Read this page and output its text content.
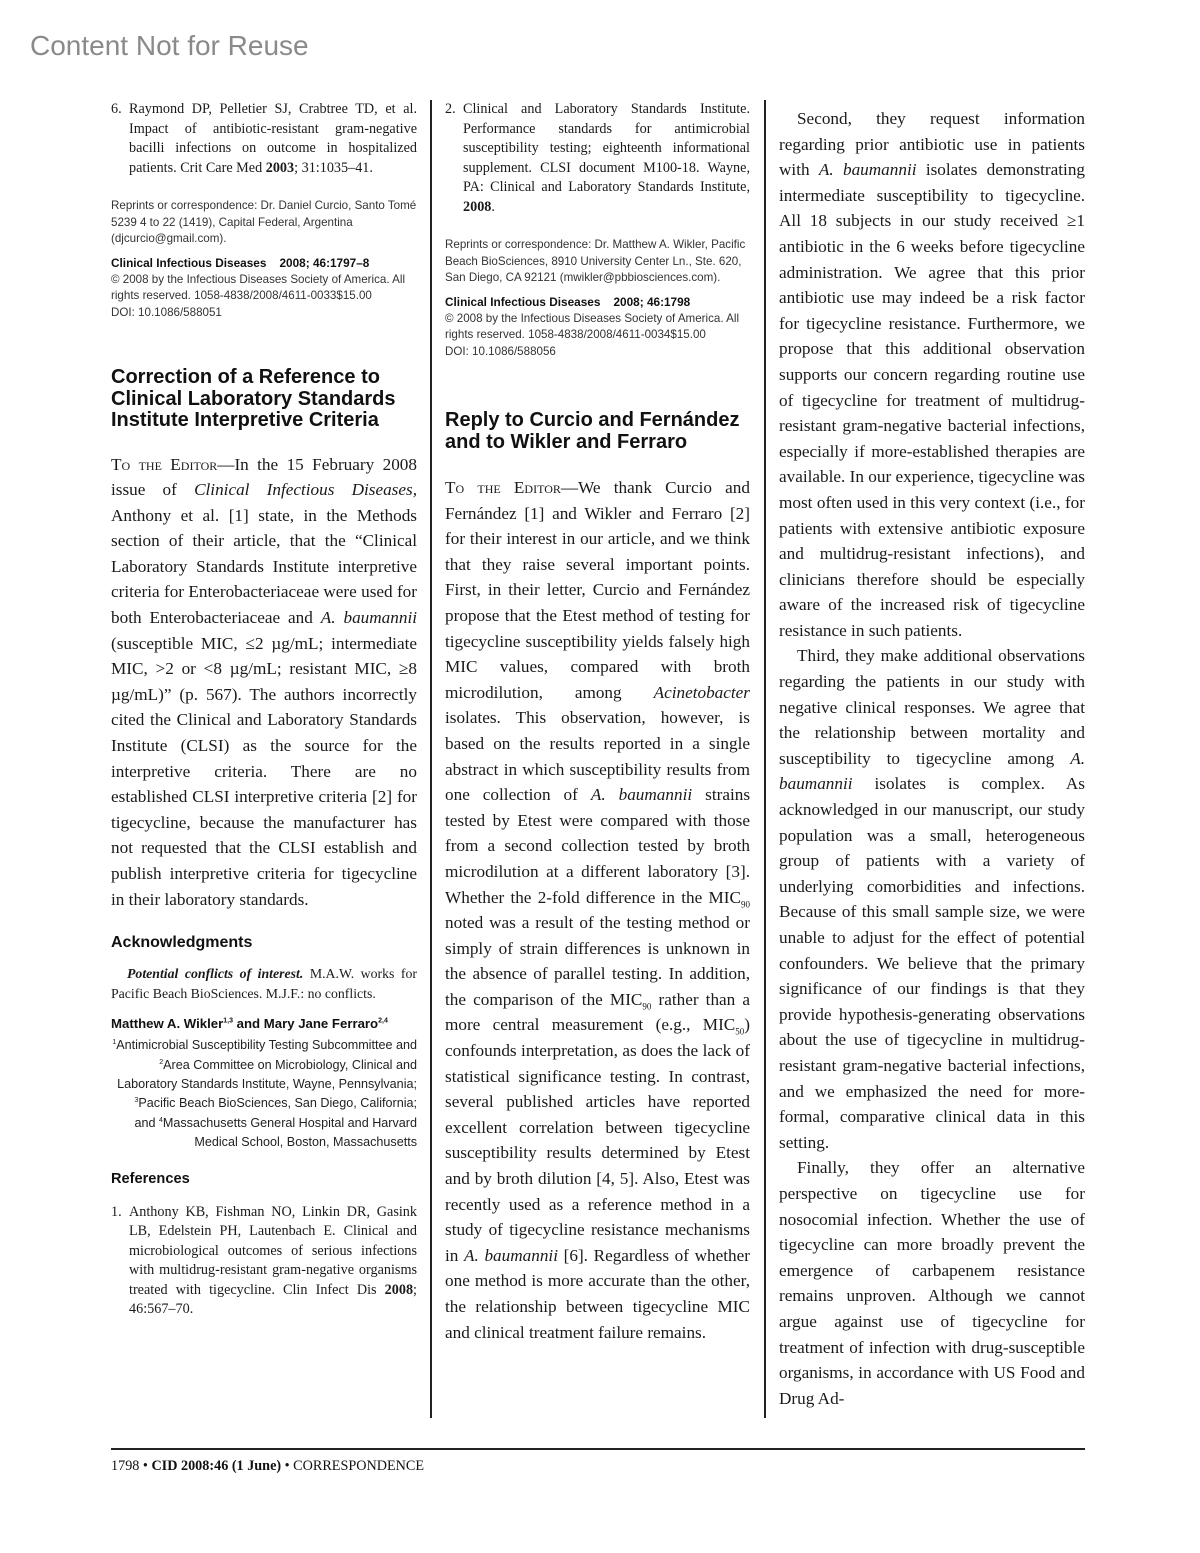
Content Not for Reuse

6. Raymond DP, Pelletier SJ, Crabtree TD, et al. Impact of antibiotic-resistant gram-negative bacilli infections on outcome in hospitalized patients. Crit Care Med 2003; 31:1035–41.

Reprints or correspondence: Dr. Daniel Curcio, Santo Tomé 5239 4 to 22 (1419), Capital Federal, Argentina (djcurcio@gmail.com).

Clinical Infectious Diseases    2008; 46:1797–8

© 2008 by the Infectious Diseases Society of America. All rights reserved. 1058-4838/2008/4611-0033$15.00

DOI: 10.1086/588051

Correction of a Reference to Clinical Laboratory Standards Institute Interpretive Criteria

To the Editor—In the 15 February 2008 issue of Clinical Infectious Diseases, Anthony et al. [1] state, in the Methods section of their article, that the “Clinical Laboratory Standards Institute interpretive criteria for Enterobacteriaceae were used for both Enterobacteriaceae and A. baumannii (susceptible MIC, ≤2 µg/mL; intermediate MIC, >2 or <8 µg/mL; resistant MIC, ≥8 µg/mL)” (p. 567). The authors incorrectly cited the Clinical and Laboratory Standards Institute (CLSI) as the source for the interpretive criteria. There are no established CLSI interpretive criteria [2] for tigecycline, because the manufacturer has not requested that the CLSI establish and publish interpretive criteria for tigecycline in their laboratory standards.

Acknowledgments

Potential conflicts of interest. M.A.W. works for Pacific Beach BioSciences. M.J.F.: no conflicts.

Matthew A. Wikler$^{1,3}$ and Mary Jane Ferraro$^{2,4}$

$^1$Antimicrobial Susceptibility Testing Subcommittee and $^2$Area Committee on Microbiology, Clinical and Laboratory Standards Institute, Wayne, Pennsylvania; $^3$Pacific Beach BioSciences, San Diego, California; and $^4$Massachusetts General Hospital and Harvard Medical School, Boston, Massachusetts

References

1. Anthony KB, Fishman NO, Linkin DR, Gasink LB, Edelstein PH, Lautenbach E. Clinical and microbiological outcomes of serious infections with multidrug-resistant gram-negative organisms treated with tigecycline. Clin Infect Dis 2008; 46:567–70.

2. Clinical and Laboratory Standards Institute. Performance standards for antimicrobial susceptibility testing; eighteenth informational supplement. CLSI document M100-18. Wayne, PA: Clinical and Laboratory Standards Institute, 2008.

Reprints or correspondence: Dr. Matthew A. Wikler, Pacific Beach BioSciences, 8910 University Center Ln., Ste. 620, San Diego, CA 92121 (mwikler@pbbiosciences.com).

Clinical Infectious Diseases    2008; 46:1798

© 2008 by the Infectious Diseases Society of America. All rights reserved. 1058-4838/2008/4611-0034$15.00

DOI: 10.1086/588056

Reply to Curcio and Fernández and to Wikler and Ferraro

To the Editor—We thank Curcio and Fernández [1] and Wikler and Ferraro [2] for their interest in our article, and we think that they raise several important points. First, in their letter, Curcio and Fernández propose that the Etest method of testing for tigecycline susceptibility yields falsely high MIC values, compared with broth microdilution, among Acinetobacter isolates. This observation, however, is based on the results reported in a single abstract in which susceptibility results from one collection of A. baumannii strains tested by Etest were compared with those from a second collection tested by broth microdilution at a different laboratory [3]. Whether the 2-fold difference in the $MIC_{90}$ noted was a result of the testing method or simply of strain differences is unknown in the absence of parallel testing. In addition, the comparison of the $MIC_{90}$ rather than a more central measurement (e.g., $MIC_{50}$) confounds interpretation, as does the lack of statistical significance testing. In contrast, several published articles have reported excellent correlation between tigecycline susceptibility results determined by Etest and by broth dilution [4, 5]. Also, Etest was recently used as a reference method in a study of tigecycline resistance mechanisms in A. baumannii [6]. Regardless of whether one method is more accurate than the other, the relationship between tigecycline MIC and clinical treatment failure remains.

Second, they request information regarding prior antibiotic use in patients with A. baumannii isolates demonstrating intermediate susceptibility to tigecycline. All 18 subjects in our study received ≥1 antibiotic in the 6 weeks before tigecycline administration. We agree that this prior antibiotic use may indeed be a risk factor for tigecycline resistance. Furthermore, we propose that this additional observation supports our concern regarding routine use of tigecycline for treatment of multidrug-resistant gram-negative bacterial infections, especially if more-established therapies are available. In our experience, tigecycline was most often used in this very context (i.e., for patients with extensive antibiotic exposure and multidrug-resistant infections), and clinicians therefore should be especially aware of the increased risk of tigecycline resistance in such patients.

Third, they make additional observations regarding the patients in our study with negative clinical responses. We agree that the relationship between mortality and susceptibility to tigecycline among A. baumannii isolates is complex. As acknowledged in our manuscript, our study population was a small, heterogeneous group of patients with a variety of underlying comorbidities and infections. Because of this small sample size, we were unable to adjust for the effect of potential confounders. We believe that the primary significance of our findings is that they provide hypothesis-generating observations about the use of tigecycline in multidrug-resistant gram-negative bacterial infections, and we emphasized the need for more-formal, comparative clinical data in this setting.

Finally, they offer an alternative perspective on tigecycline use for nosocomial infection. Whether the use of tigecycline can more broadly prevent the emergence of carbapenem resistance remains unproven. Although we cannot argue against use of tigecycline for treatment of infection with drug-susceptible organisms, in accordance with US Food and Drug Ad-

1798 • CID 2008:46 (1 June) • CORRESPONDENCE
